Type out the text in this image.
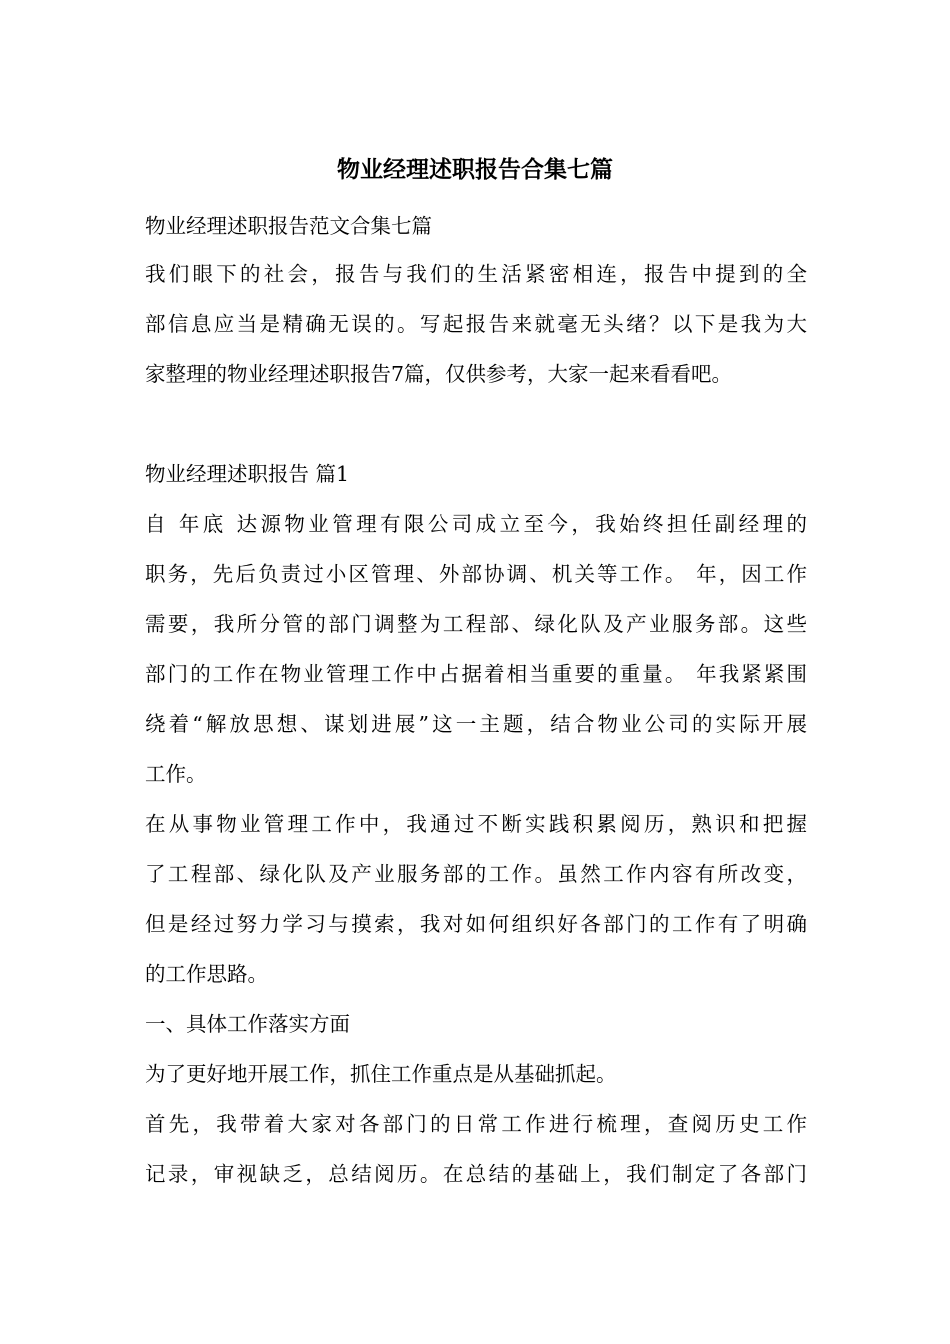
物业经理述职报告合集七篇
物业经理述职报告范文合集七篇
我们眼下的社会，报告与我们的生活紧密相连，报告中提到的全
部信息应当是精确无误的。写起报告来就毫无头绪？以下是我为大
家整理的物业经理述职报告7篇，仅供参考，大家一起来看看吧。
物业经理述职报告 篇1
自 年底 达源物业管理有限公司成立至今，我始终担任副经理的
职务，先后负责过小区管理、外部协调、机关等工作。 年，因工作
需要，我所分管的部门调整为工程部、绿化队及产业服务部。这些
部门的工作在物业管理工作中占据着相当重要的重量。 年我紧紧围
绕着“解放思想、谋划进展”这一主题，结合物业公司的实际开展
工作。
在从事物业管理工作中，我通过不断实践积累阅历，熟识和把握
了工程部、绿化队及产业服务部的工作。虽然工作内容有所改变，
但是经过努力学习与摸索，我对如何组织好各部门的工作有了明确
的工作思路。
一、具体工作落实方面
为了更好地开展工作，抓住工作重点是从基础抓起。
首先，我带着大家对各部门的日常工作进行梳理，查阅历史工作
记录，审视缺乏，总结阅历。在总结的基础上，我们制定了各部门
